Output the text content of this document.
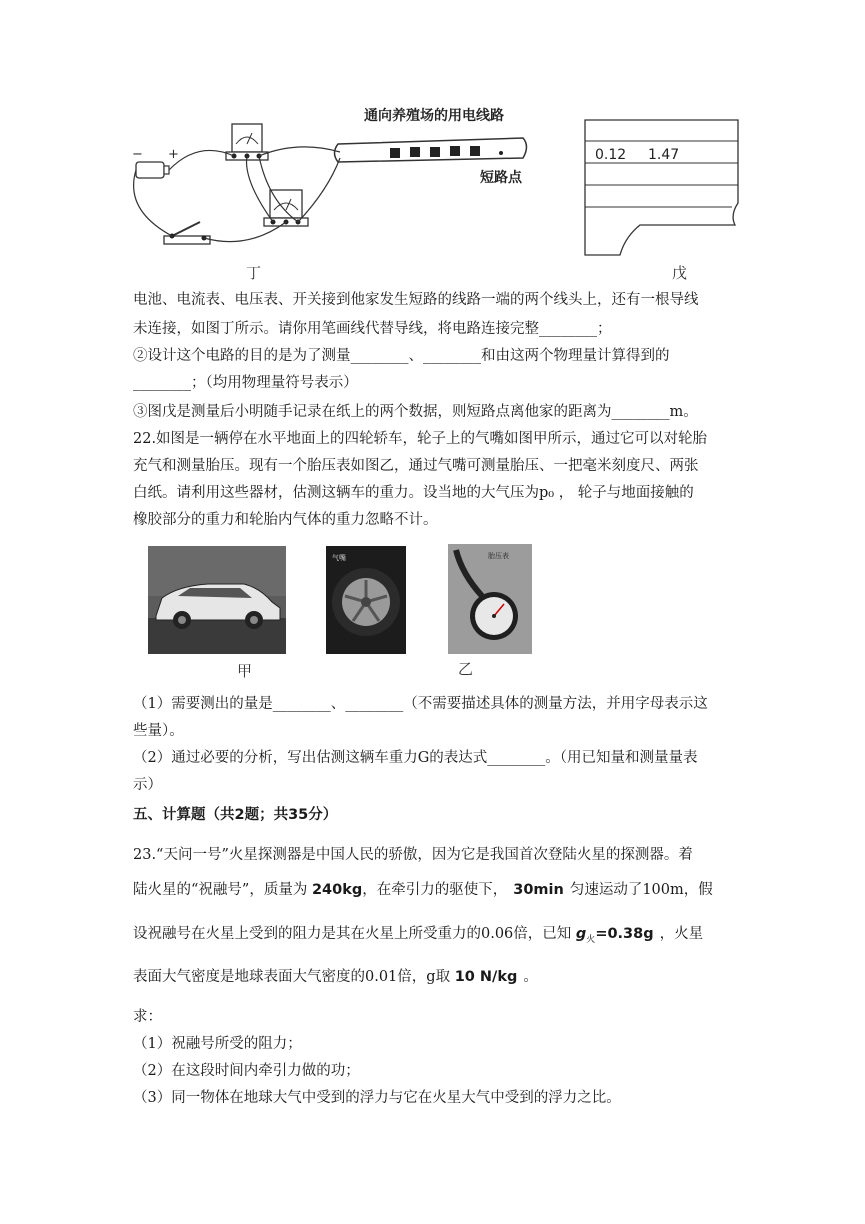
通向养殖场的用电线路
短路点
− +
丁
0.12 1.47
戊
电池、电流表、电压表、开关接到他家发生短路的线路一端的两个线头上，还有一根导线
未连接，如图丁所示。请你用笔画线代替导线，将电路连接完整________；
②设计这个电路的目的是为了测量________、________和由这两个物理量计算得到的
________；（均用物理量符号表示）
③图戊是测量后小明随手记录在纸上的两个数据，则短路点离他家的距离为________m。
22.如图是一辆停在水平地面上的四轮轿车，轮子上的气嘴如图甲所示，通过它可以对轮胎
充气和测量胎压。现有一个胎压表如图乙，通过气嘴可测量胎压、一把毫米刻度尺、两张
白纸。请利用这些器材，估测这辆车的重力。设当地的大气压为p₀ ， 轮子与地面接触的
橡胶部分的重力和轮胎内气体的重力忽略不计。
气嘴	胎压表
甲	乙
（1）需要测出的量是________、________（不需要描述具体的测量方法，并用字母表示这
些量）。
（2）通过必要的分析，写出估测这辆车重力G的表达式________。（用已知量和测量量表
示）
五、计算题（共2题；共35分）
23.“天问一号”火星探测器是中国人民的骄傲，因为它是我国首次登陆火星的探测器。着
陆火星的“祝融号”，质量为 240kg，在牵引力的驱使下， 30min 匀速运动了100m，假
设祝融号在火星上受到的阻力是其在火星上所受重力的0.06倍，已知 $g_火=0.38g$ ，火星
表面大气密度是地球表面大气密度的0.01倍，g取 10 N/kg 。
求：
（1）祝融号所受的阻力；
（2）在这段时间内牵引力做的功；
（3）同一物体在地球大气中受到的浮力与它在火星大气中受到的浮力之比。
